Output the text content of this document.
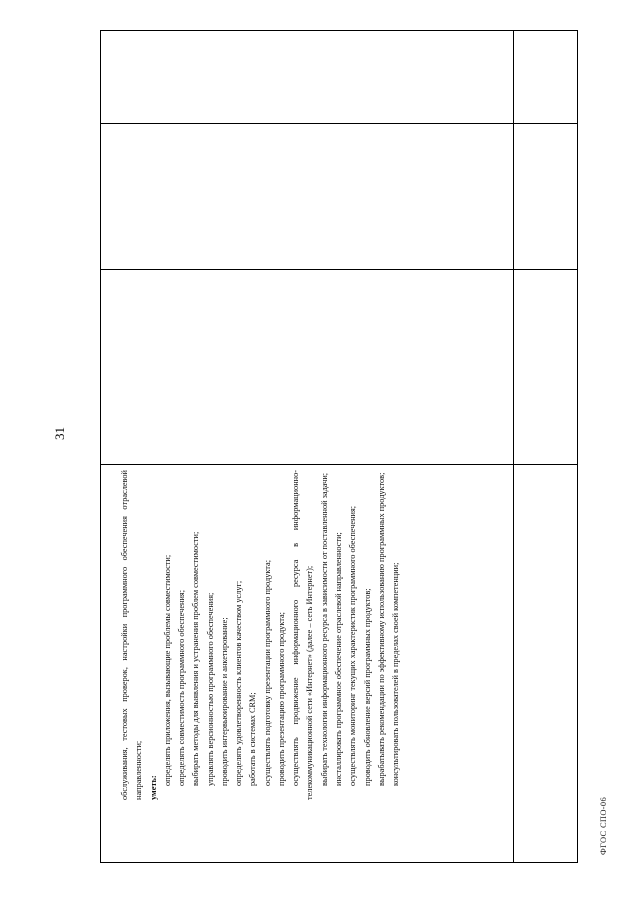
31

обслуживания, тестовых проверок, настройки программного обеспечения отраслевой направленности; уметь:

определять приложения, вызывающие проблемы совместимости; определять совместимость программного обеспечения; выбирать методы для выявления и устранения проблем совместимости; управлять версионностью программного обеспечения; проводить интервьюирование и анкетирование; определять удовлетворенность клиентов качеством услуг; работать в системах CRM; осуществлять подготовку презентации программного продукта; проводить презентацию программного продукта; осуществлять продвижение информационного ресурса в информационно-телекоммуникационной сети «Интернет» (далее – сеть Интернет); выбирать технологии информационного ресурса в зависимости от поставленной задачи; инсталлировать программное обеспечение отраслевой направленности; осуществлять мониторинг текущих характеристик программного обеспечения; проводить обновление версий программных продуктов; вырабатывать рекомендации по эффективному использованию программных продуктов; консультировать пользователей в пределах своей компетенции;

ФГОС СПО-06
